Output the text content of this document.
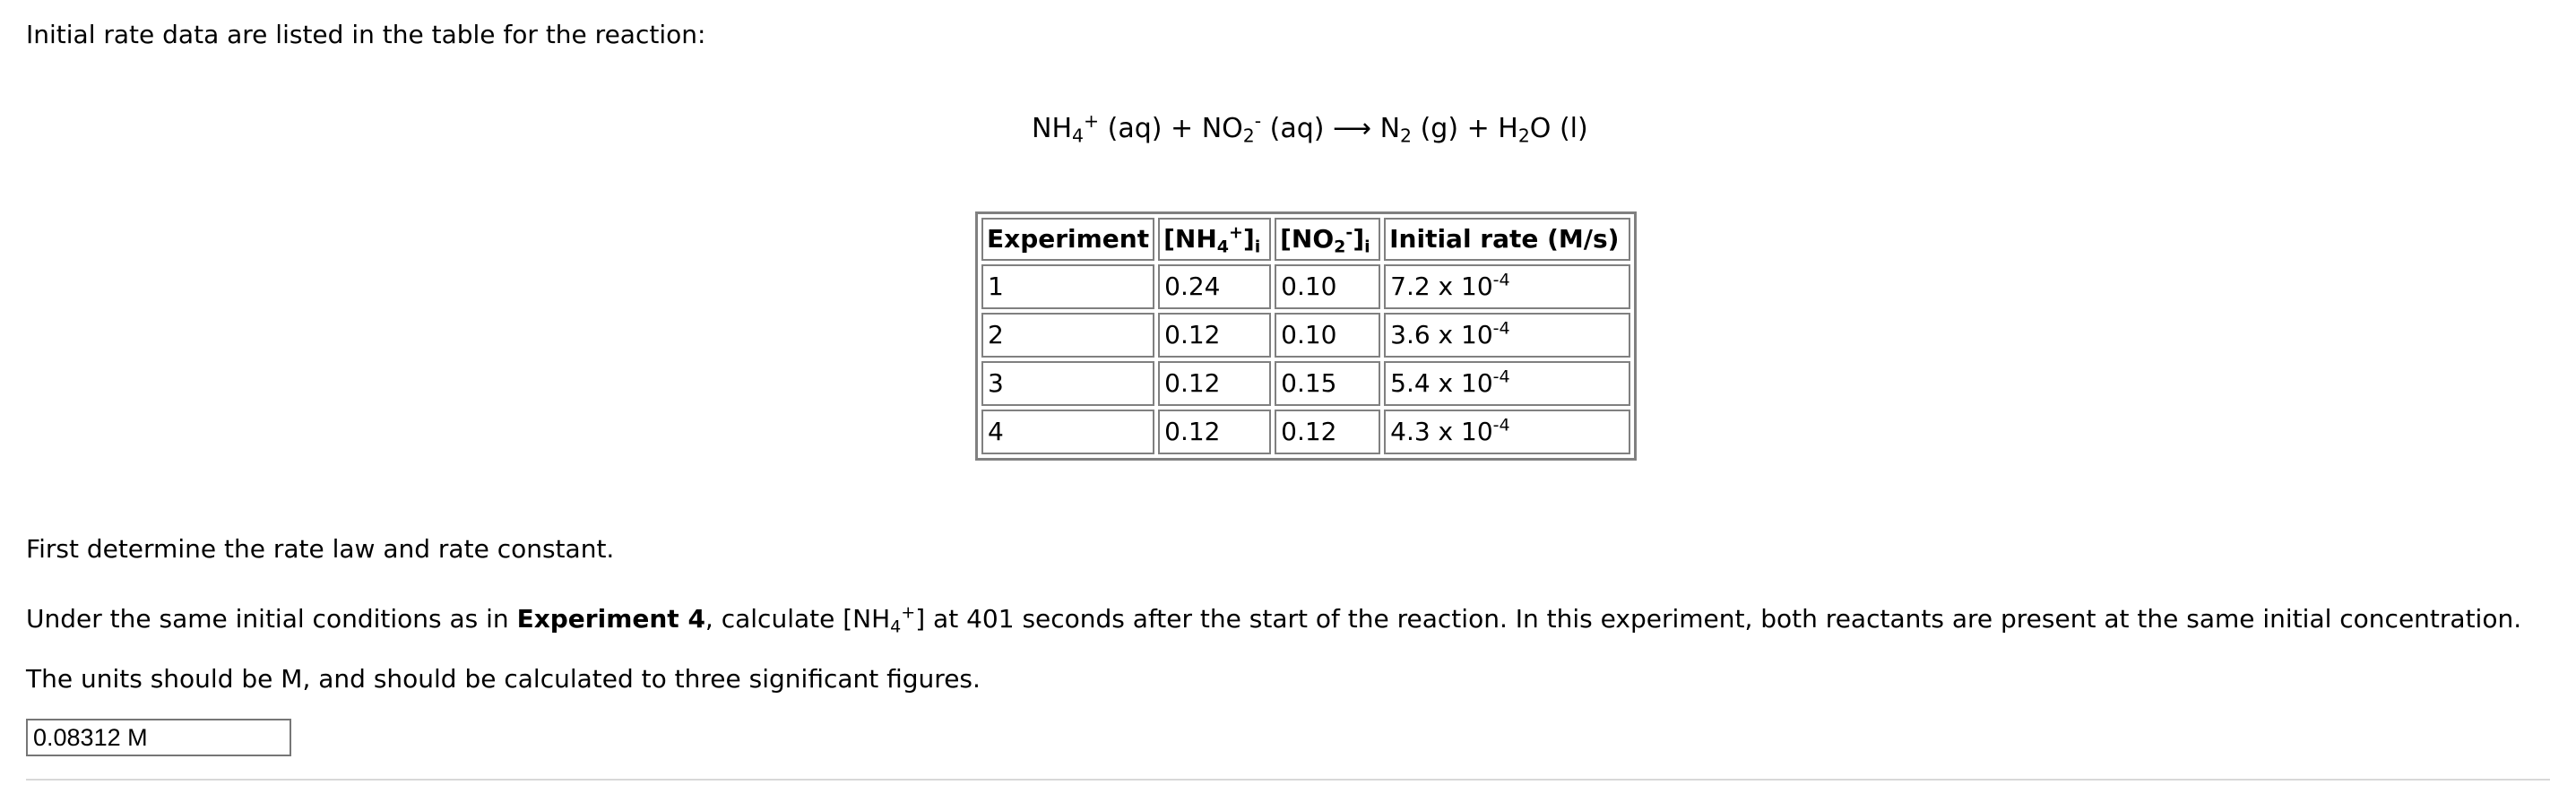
Initial rate data are listed in the table for the reaction:
$NH_4^+$ $(aq) + NO_2^-$ (aq) ⟶ $N_2$ $(g) + H_2O$ (l)
Experiment	$[NH_4^+]_i$	$[NO_2^-]_i$	Initial rate (M/s)
1	0.24	0.10	7.2 x $10^{-4}$
2	0.12	0.10	3.6 x $10^{-4}$
3	0.12	0.15	5.4 x $10^{-4}$
4	0.12	0.12	4.3 x $10^{-4}$
First determine the rate law and rate constant.
Under the same initial conditions as in Experiment 4, calculate $[NH_4^+]$ at 401 seconds after the start of the reaction. In this experiment, both reactants are present at the same initial concentration.
The units should be M, and should be calculated to three significant figures.
0.08312 M
